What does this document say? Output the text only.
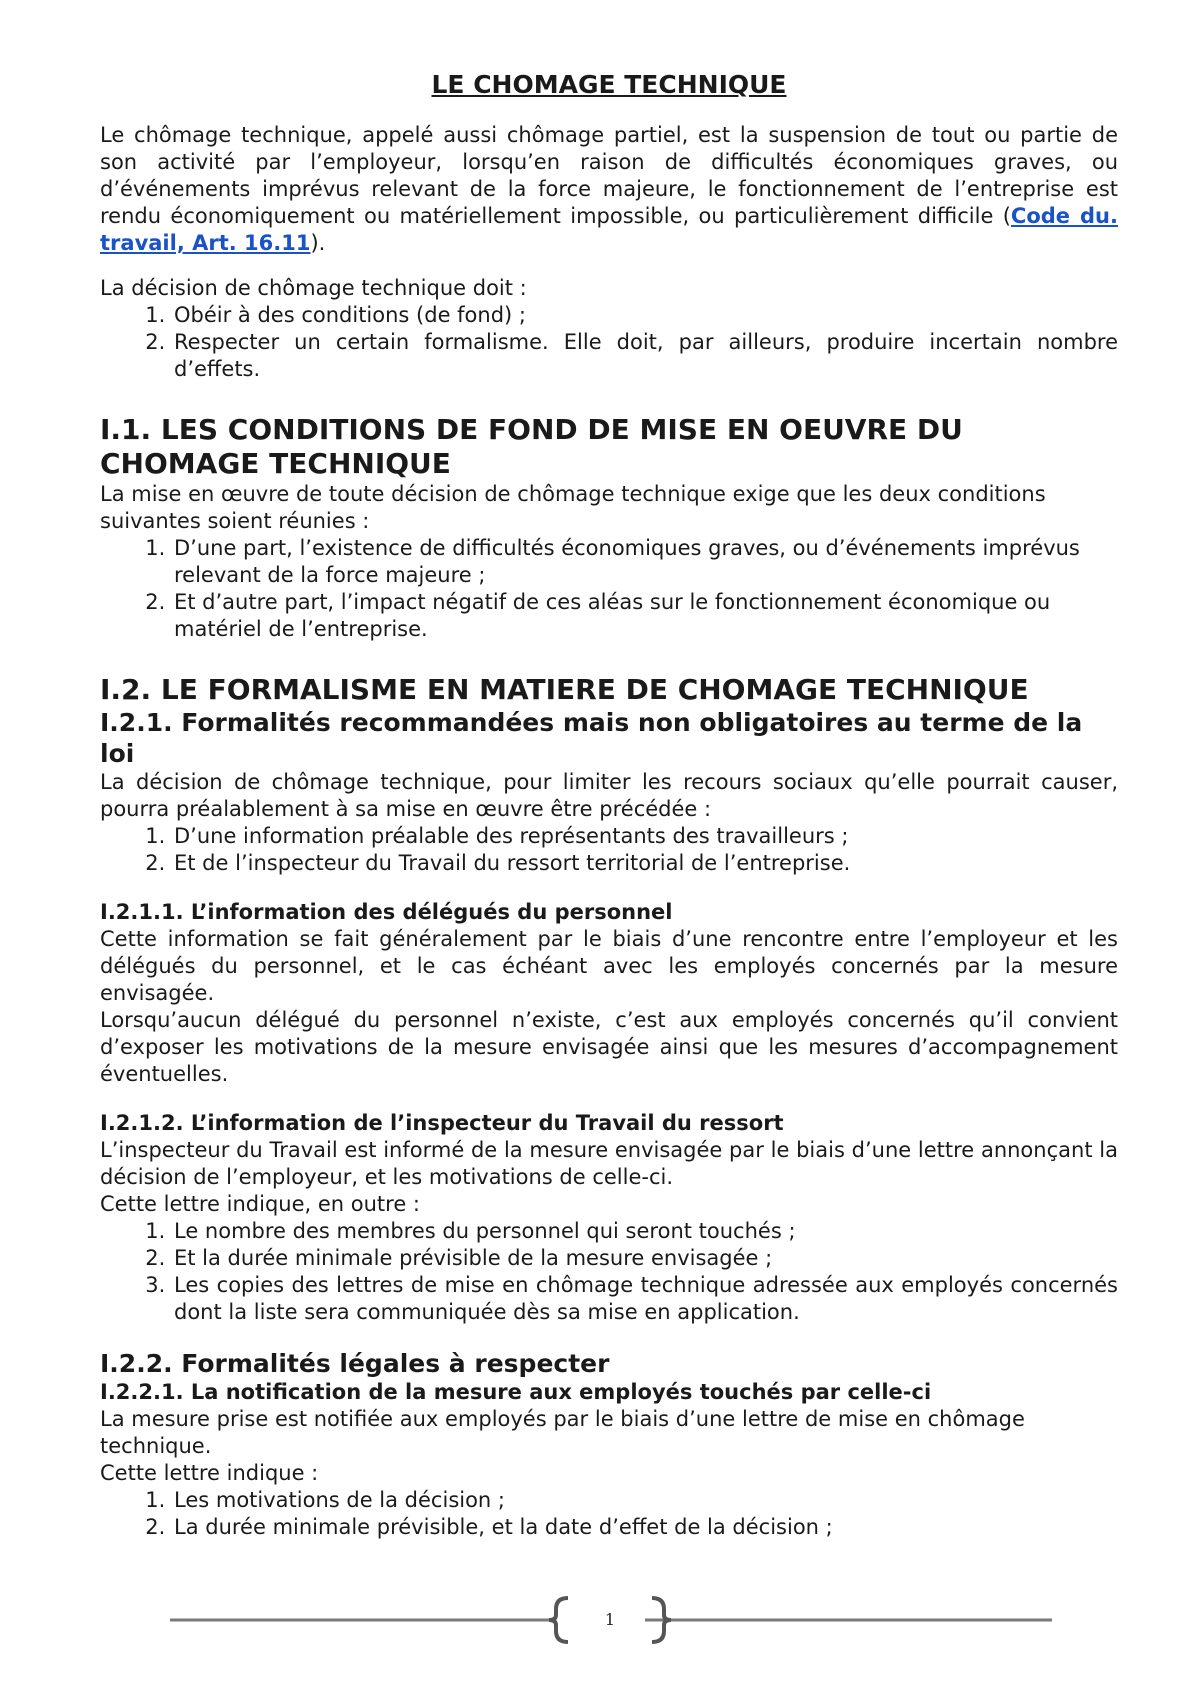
LE CHOMAGE TECHNIQUE

Le chômage technique, appelé aussi chômage partiel, est la suspension de tout ou partie de son activité par l’employeur, lorsqu’en raison de difficultés économiques graves, ou d’événements imprévus relevant de la force majeure, le fonctionnement de l’entreprise est rendu économiquement ou matériellement impossible, ou particulièrement difficile (Code du. travail, Art. 16.11).

La décision de chômage technique doit :

1. Obéir à des conditions (de fond) ;
2. Respecter un certain formalisme. Elle doit, par ailleurs, produire incertain nombre d’effets.
I.1. LES CONDITIONS DE FOND DE MISE EN OEUVRE DU CHOMAGE TECHNIQUE

La mise en œuvre de toute décision de chômage technique exige que les deux conditions suivantes soient réunies :

1. D’une part, l’existence de difficultés économiques graves, ou d’événements imprévus relevant de la force majeure ;
2. Et d’autre part, l’impact négatif de ces aléas sur le fonctionnement économique ou matériel de l’entreprise.
I.2. LE FORMALISME EN MATIERE DE CHOMAGE TECHNIQUE
I.2.1. Formalités recommandées mais non obligatoires au terme de la loi

La décision de chômage technique, pour limiter les recours sociaux qu’elle pourrait causer, pourra préalablement à sa mise en œuvre être précédée :

1. D’une information préalable des représentants des travailleurs ;
2. Et de l’inspecteur du Travail du ressort territorial de l’entreprise.
I.2.1.1. L’information des délégués du personnel

Cette information se fait généralement par le biais d’une rencontre entre l’employeur et les délégués du personnel, et le cas échéant avec les employés concernés par la mesure envisagée.

Lorsqu’aucun délégué du personnel n’existe, c’est aux employés concernés qu’il convient d’exposer les motivations de la mesure envisagée ainsi que les mesures d’accompagnement éventuelles.

I.2.1.2. L’information de l’inspecteur du Travail du ressort

L’inspecteur du Travail est informé de la mesure envisagée par le biais d’une lettre annonçant la décision de l’employeur, et les motivations de celle-ci.

Cette lettre indique, en outre :

1. Le nombre des membres du personnel qui seront touchés ;
2. Et la durée minimale prévisible de la mesure envisagée ;
3. Les copies des lettres de mise en chômage technique adressée aux employés concernés dont la liste sera communiquée dès sa mise en application.
I.2.2. Formalités légales à respecter
I.2.2.1. La notification de la mesure aux employés touchés par celle-ci

La mesure prise est notifiée aux employés par le biais d’une lettre de mise en chômage technique.

Cette lettre indique :

1. Les motivations de la décision ;
2. La durée minimale prévisible, et la date d’effet de la décision ;
1
